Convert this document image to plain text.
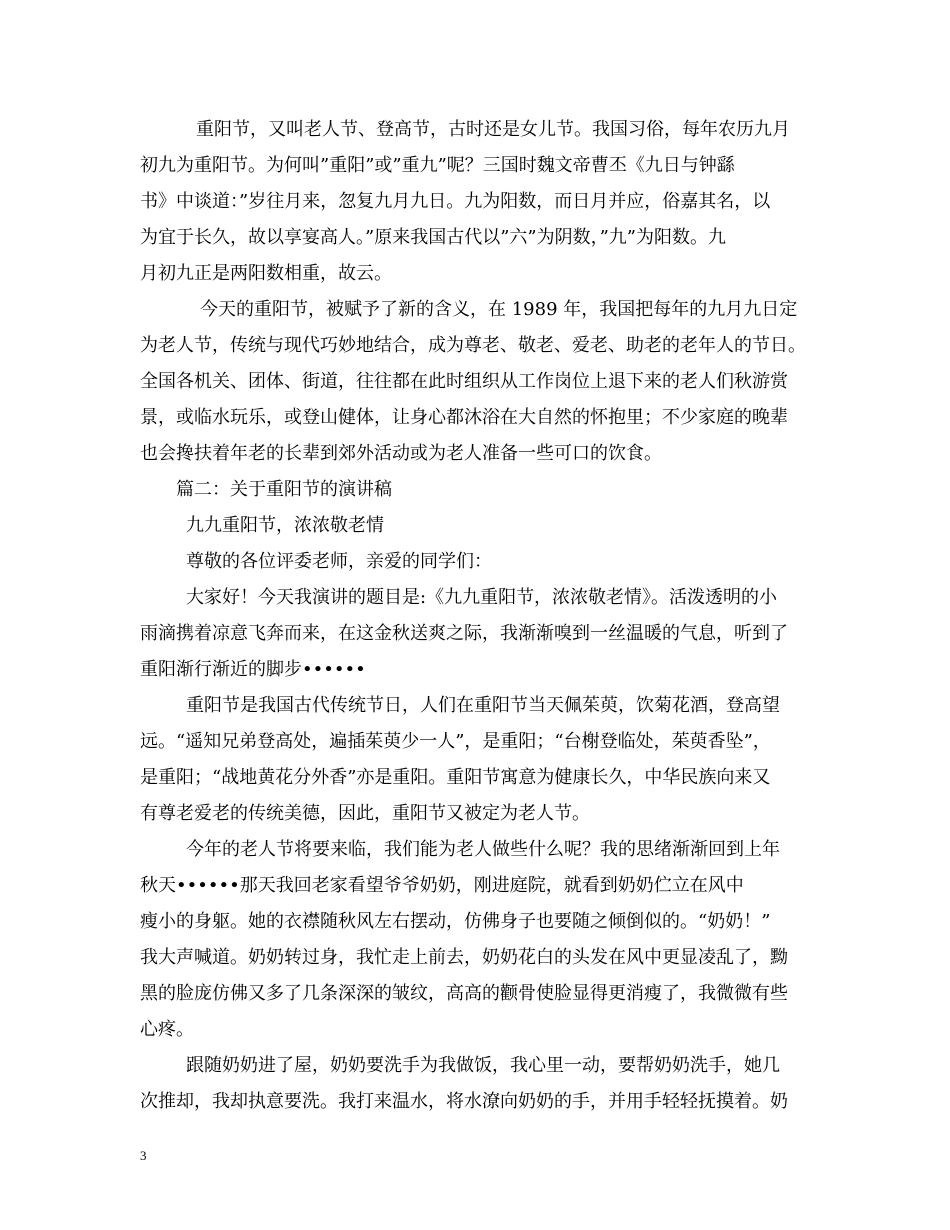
重阳节，又叫老人节、登高节，古时还是女儿节。我国习俗，每年农历九月
初九为重阳节。为何叫”重阳”或”重九”呢？三国时魏文帝曹丕《九日与钟繇
书》中谈道：”岁往月来，忽复九月九日。九为阳数，而日月并应，俗嘉其名，以
为宜于长久，故以享宴高人。”原来我国古代以”六”为阴数，”九”为阳数。九
月初九正是两阳数相重，故云。
今天的重阳节，被赋予了新的含义，在 1989 年，我国把每年的九月九日定
为老人节，传统与现代巧妙地结合，成为尊老、敬老、爱老、助老的老年人的节日。
全国各机关、团体、街道，往往都在此时组织从工作岗位上退下来的老人们秋游赏
景，或临水玩乐，或登山健体，让身心都沐浴在大自然的怀抱里；不少家庭的晚辈
也会搀扶着年老的长辈到郊外活动或为老人准备一些可口的饮食。
篇二：关于重阳节的演讲稿
九九重阳节，浓浓敬老情
尊敬的各位评委老师，亲爱的同学们：
大家好！今天我演讲的题目是:《九九重阳节，浓浓敬老情》。活泼透明的小
雨滴携着凉意飞奔而来，在这金秋送爽之际，我渐渐嗅到一丝温暖的气息，听到了
重阳渐行渐近的脚步••••••
重阳节是我国古代传统节日，人们在重阳节当天佩茱萸，饮菊花酒，登高望
远。“遥知兄弟登高处，遍插茱萸少一人”，是重阳；“台榭登临处，茱萸香坠”，
是重阳；“战地黄花分外香”亦是重阳。重阳节寓意为健康长久，中华民族向来又
有尊老爱老的传统美德，因此，重阳节又被定为老人节。
今年的老人节将要来临，我们能为老人做些什么呢？我的思绪渐渐回到上年
秋天••••••那天我回老家看望爷爷奶奶，刚进庭院，就看到奶奶伫立在风中
瘦小的身躯。她的衣襟随秋风左右摆动，仿佛身子也要随之倾倒似的。“奶奶！”
我大声喊道。奶奶转过身，我忙走上前去，奶奶花白的头发在风中更显凌乱了，黝
黑的脸庞仿佛又多了几条深深的皱纹，高高的颧骨使脸显得更消瘦了，我微微有些
心疼。
跟随奶奶进了屋，奶奶要洗手为我做饭，我心里一动，要帮奶奶洗手，她几
次推却，我却执意要洗。我打来温水，将水潦向奶奶的手，并用手轻轻抚摸着。奶
3
